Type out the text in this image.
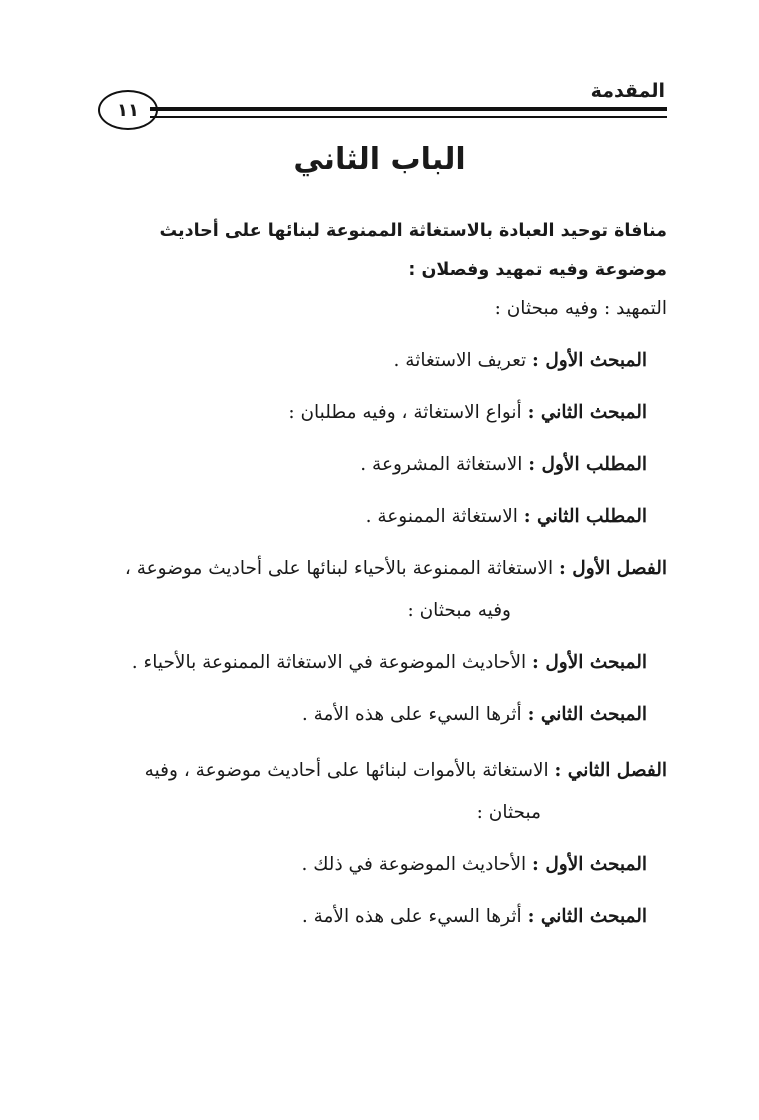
المقدمة
١١
الباب الثاني
منافاة توحيد العبادة بالاستغاثة الممنوعة لبنائها على أحاديث موضوعة وفيه تمهيد وفصلان :
التمهيد : وفيه مبحثان :
المبحث الأول : تعريف الاستغاثة .
المبحث الثاني : أنواع الاستغاثة ، وفيه مطلبان :
المطلب الأول : الاستغاثة المشروعة .
المطلب الثاني : الاستغاثة الممنوعة .
الفصل الأول : الاستغاثة الممنوعة بالأحياء لبنائها على أحاديث موضوعة ،
وفيه مبحثان :
المبحث الأول : الأحاديث الموضوعة في الاستغاثة الممنوعة بالأحياء .
المبحث الثاني : أثرها السيء على هذه الأمة .
الفصل الثاني : الاستغاثة بالأموات لبنائها على أحاديث موضوعة ، وفيه
مبحثان :
المبحث الأول : الأحاديث الموضوعة في ذلك .
المبحث الثاني : أثرها السيء على هذه الأمة .
